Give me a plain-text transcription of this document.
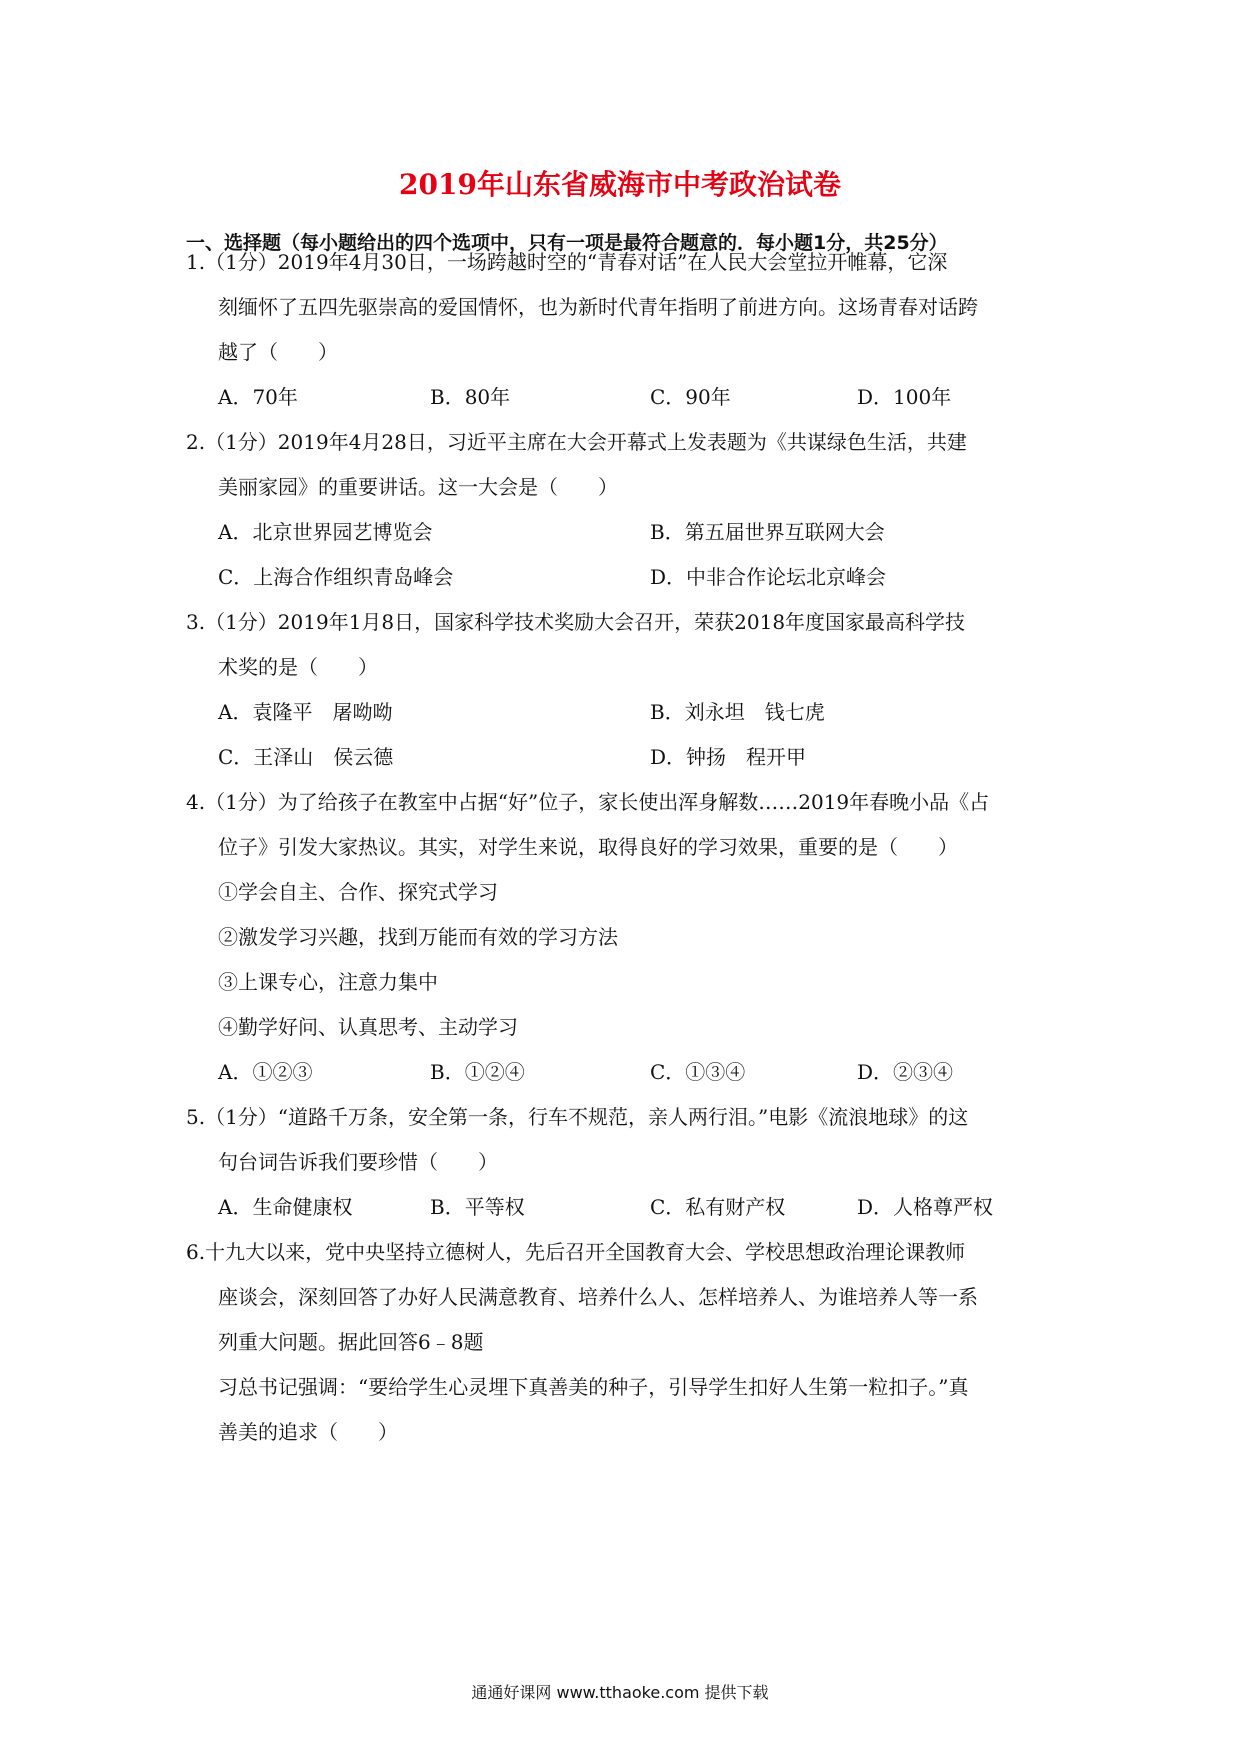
2019年山东省威海市中考政治试卷
一、选择题（每小题给出的四个选项中，只有一项是最符合题意的．每小题1分，共25分）
1.（1分）2019年4月30日，一场跨越时空的“青春对话”在人民大会堂拉开帷幕，它深
刻缅怀了五四先驱崇高的爱国情怀，也为新时代青年指明了前进方向。这场青春对话跨
越了（　　）
A．70年	B．80年	C．90年	D．100年
2.（1分）2019年4月28日，习近平主席在大会开幕式上发表题为《共谋绿色生活，共建
美丽家园》的重要讲话。这一大会是（　　）
A．北京世界园艺博览会	B．第五届世界互联网大会
C．上海合作组织青岛峰会	D．中非合作论坛北京峰会
3.（1分）2019年1月8日，国家科学技术奖励大会召开，荣获2018年度国家最高科学技
术奖的是（　　）
A．袁隆平　屠呦呦	B．刘永坦　钱七虎
C．王泽山　侯云德	D．钟扬　程开甲
4.（1分）为了给孩子在教室中占据“好”位子，家长使出浑身解数……2019年春晚小品《占
位子》引发大家热议。其实，对学生来说，取得良好的学习效果，重要的是（　　）
①学会自主、合作、探究式学习
②激发学习兴趣，找到万能而有效的学习方法
③上课专心，注意力集中
④勤学好问、认真思考、主动学习
A．①②③	B．①②④	C．①③④	D．②③④
5.（1分）“道路千万条，安全第一条，行车不规范，亲人两行泪。”电影《流浪地球》的这
句台词告诉我们要珍惜（　　）
A．生命健康权	B．平等权	C．私有财产权	D．人格尊严权
6.十九大以来，党中央坚持立德树人，先后召开全国教育大会、学校思想政治理论课教师
座谈会，深刻回答了办好人民满意教育、培养什么人、怎样培养人、为谁培养人等一系
列重大问题。据此回答6﹣8题
习总书记强调：“要给学生心灵埋下真善美的种子，引导学生扣好人生第一粒扣子。”真
善美的追求（　　）
通通好课网 www.tthaoke.com 提供下载
